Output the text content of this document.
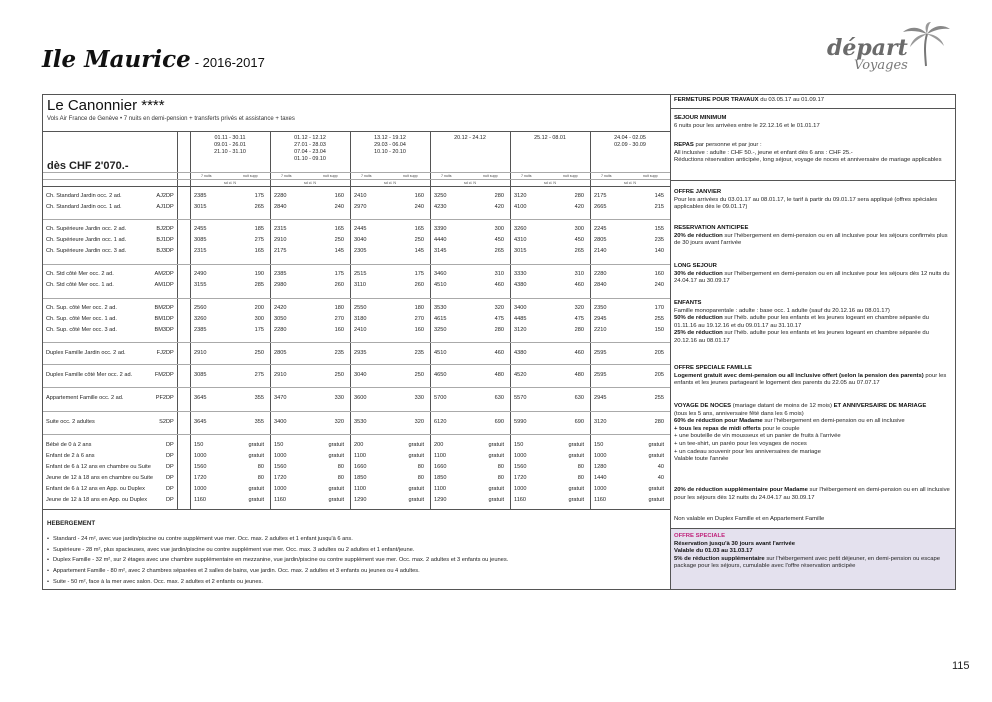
Ile Maurice - 2016-2017
départ
Voyages
Le Canonnier ****
Vols Air France de Genève • 7 nuits en demi-pension + transferts privés et assistance + taxes
dès CHF 2'070.-
01.11 - 30.11
09.01 - 26.01
21.10 - 31.10
7 nuits	nuit supp
sd cl. N
01.12 - 12.12
27.01 - 28.03
07.04 - 23.04
01.10 - 09.10
7 nuits	nuit supp
sd cl. N
13.12 - 19.12
29.03 - 06.04
10.10 - 20.10
7 nuits	nuit supp
sd cl. N
20.12 - 24.12
7 nuits	nuit supp
sd cl. N
25.12 - 08.01
7 nuits	nuit supp
sd cl. N
24.04 - 02.05
02.09 - 30.09
7 nuits	nuit supp
sd cl. N
Ch. Standard Jardin occ. 2 ad.	AJ2 DP	2385	175 2280	160 2410	160 3250	280 3120	280 2175	145
Ch. Standard Jardin occ. 1 ad.	AJ1 DP	3015	265 2840	240 2970	240 4230	420 4100	420 2665	215
Ch. Supérieure Jardin occ. 2 ad.	BJ2 DP	2455	185 2315	165 2445	165 3390	300 3260	300 2245	155
Ch. Supérieure Jardin occ. 1 ad.	BJ1 DP	3085	275 2910	250 3040	250 4440	450 4310	450 2805	235
Ch. Supérieure Jardin occ. 3 ad.	BJ3 DP	2315	165 2175	145 2305	145 3145	265 3015	265 2140	140
Ch. Std côté Mer occ. 2 ad.	AM2 DP	2490	190 2385	175 2515	175 3460	310 3330	310 2280	160
Ch. Std côté Mer occ. 1 ad.	AM1 DP	3155	285 2980	260 3110	260 4510	460 4380	460 2840	240
Ch. Sup. côté Mer occ. 2 ad.	BM2 DP	2560	200 2420	180 2550	180 3530	320 3400	320 2350	170
Ch. Sup. côté Mer occ. 1 ad.	BM1 DP	3260	300 3050	270 3180	270 4615	475 4485	475 2945	255
Ch. Sup. côté Mer occ. 3 ad.	BM3 DP	2385	175 2280	160 2410	160 3250	280 3120	280 2210	150
Duplex Famille Jardin occ. 2 ad.	FJ2 DP	2910	250 2805	235 2935	235 4510	460 4380	460 2595	205
Duplex Famille côté Mer occ. 2 ad.	FM2 DP	3085	275 2910	250 3040	250 4650	480 4520	480 2595	205
Appartement Famille occ. 2 ad.	PF2 DP	3645	355 3470	330 3600	330 5700	630 5570	630 2945	255
Suite occ. 2 adultes	S2 DP	3645	355 3400	320 3530	320 6120	690 5990	690 3120	280
Bébé de 0 à 2 ans	DP	150	gratuit 150	gratuit 200	gratuit 200	gratuit 150	gratuit 150	gratuit
Enfant de 2 à 6 ans	DP	1000	gratuit 1000	gratuit 1100	gratuit 1100	gratuit 1000	gratuit 1000	gratuit
Enfant de 6 à 12 ans en chambre ou Suite	DP	1560	80 1560	80 1660	80 1660	80 1560	80 1280	40
Jeune de 12 à 18 ans en chambre ou Suite	DP	1720	80 1720	80 1850	80 1850	80 1720	80 1440	40
Enfant de 6 à 12 ans en App. ou Duplex	DP	1000	gratuit 1000	gratuit 1100	gratuit 1100	gratuit 1000	gratuit 1000	gratuit
Jeune de 12 à 18 ans en App. ou Duplex	DP	1160	gratuit 1160	gratuit 1290	gratuit 1290	gratuit 1160	gratuit 1160	gratuit
HEBERGEMENT
• Standard - 24 m², avec vue jardin/piscine ou contre supplément vue mer. Occ. max. 2 adultes et 1 enfant jusqu'à 6 ans.
• Supérieure - 28 m², plus spacieuses, avec vue jardin/piscine ou contre supplément vue mer. Occ. max. 3 adultes ou 2 adultes et 1 enfant/jeune.
• Duplex Famille - 32 m², sur 2 étages avec une chambre supplémentaire en mezzanine, vue jardin/piscine ou contre supplément vue mer. Occ. max. 2 adultes et 3 enfants ou jeunes.
• Appartement Famille - 80 m², avec 2 chambres séparées et 2 salles de bains, vue jardin. Occ. max. 2 adultes et 3 enfants ou jeunes ou 4 adultes.
• Suite - 50 m², face à la mer avec salon. Occ. max. 2 adultes et 2 enfants ou jeunes.
FERMETURE POUR TRAVAUX du 03.05.17 au 01.09.17
SEJOUR MINIMUM
6 nuits pour les arrivées entre le 22.12.16 et le 01.01.17
REPAS par personne et par jour :
All inclusive : adulte : CHF 50.-, jeune et enfant dès 6 ans : CHF 25.-
Réductions réservation anticipée, long séjour, voyage de noces et anniversaire de mariage applicables
OFFRE JANVIER
Pour les arrivées du 03.01.17 au 08.01.17, le tarif à partir du 09.01.17 sera appliqué (offres spéciales applicables dès le 09.01.17)
RESERVATION ANTICIPEE
20% de réduction sur l'hébergement en demi-pension ou en all inclusive pour les séjours confirmés plus de 30 jours avant l'arrivée
LONG SEJOUR
30% de réduction sur l'hébergement en demi-pension ou en all inclusive pour les séjours dès 12 nuits du 24.04.17 au 30.09.17
ENFANTS
Famille monoparentale : adulte : base occ. 1 adulte (sauf du 20.12.16 au 08.01.17)
50% de réduction sur l'héb. adulte pour les enfants et les jeunes logeant en chambre séparée du 01.11.16 au 19.12.16 et du 09.01.17 au 31.10.17
25% de réduction sur l'héb. adulte pour les enfants et les jeunes logeant en chambre séparée du 20.12.16 au 08.01.17
OFFRE SPECIALE FAMILLE
Logement gratuit avec demi-pension ou all inclusive offert (selon la pension des parents) pour les enfants et les jeunes partageant le logement des parents du 22.05 au 07.07.17
VOYAGE DE NOCES (mariage datant de moins de 12 mois) ET ANNIVERSAIRE DE MARIAGE
(tous les 5 ans, anniversaire fêté dans les 6 mois)
60% de réduction pour Madame sur l'hébergement en demi-pension ou en all inclusive
+ tous les repas de midi offerts pour le couple
+ une bouteille de vin mousseux et un panier de fruits à l'arrivée
+ un tee-shirt, un paréo pour les voyages de noces
+ un cadeau souvenir pour les anniversaires de mariage
Valable toute l'année
20% de réduction supplémentaire pour Madame sur l'hébergement en demi-pension ou en all inclusive pour les séjours dès 12 nuits du 24.04.17 au 30.09.17
Non valable en Duplex Famille et en Appartement Famille
OFFRE SPECIALE
Réservation jusqu'à 30 jours avant l'arrivée
Valable du 01.03 au 31.03.17
5% de réduction supplémentaire sur l'hébergement avec petit déjeuner, en demi-pension ou escape package pour les séjours, cumulable avec l'offre réservation anticipée
115
